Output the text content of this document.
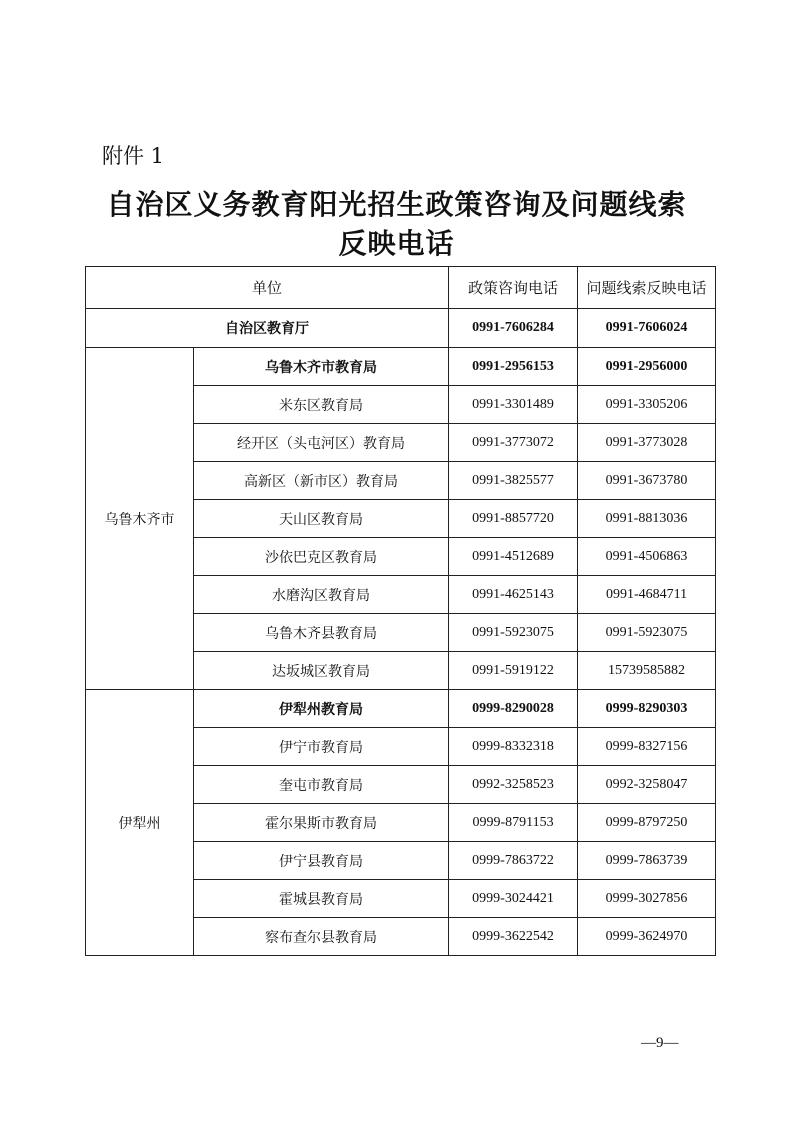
附件 1
自治区义务教育阳光招生政策咨询及问题线索
反映电话
单位		政策咨询电话	问题线索反映电话
自治区教育厅		0991-7606284	0991-7606024
乌鲁木齐市	乌鲁木齐市教育局	0991-2956153	0991-2956000
	米东区教育局	0991-3301489	0991-3305206
	经开区（头屯河区）教育局	0991-3773072	0991-3773028
	高新区（新市区）教育局	0991-3825577	0991-3673780
	天山区教育局	0991-8857720	0991-8813036
	沙依巴克区教育局	0991-4512689	0991-4506863
	水磨沟区教育局	0991-4625143	0991-4684711
	乌鲁木齐县教育局	0991-5923075	0991-5923075
	达坂城区教育局	0991-5919122	15739585882
伊犁州	伊犁州教育局	0999-8290028	0999-8290303
	伊宁市教育局	0999-8332318	0999-8327156
	奎屯市教育局	0992-3258523	0992-3258047
	霍尔果斯市教育局	0999-8791153	0999-8797250
	伊宁县教育局	0999-7863722	0999-7863739
	霍城县教育局	0999-3024421	0999-3027856
	察布查尔县教育局	0999-3622542	0999-3624970
—9—
